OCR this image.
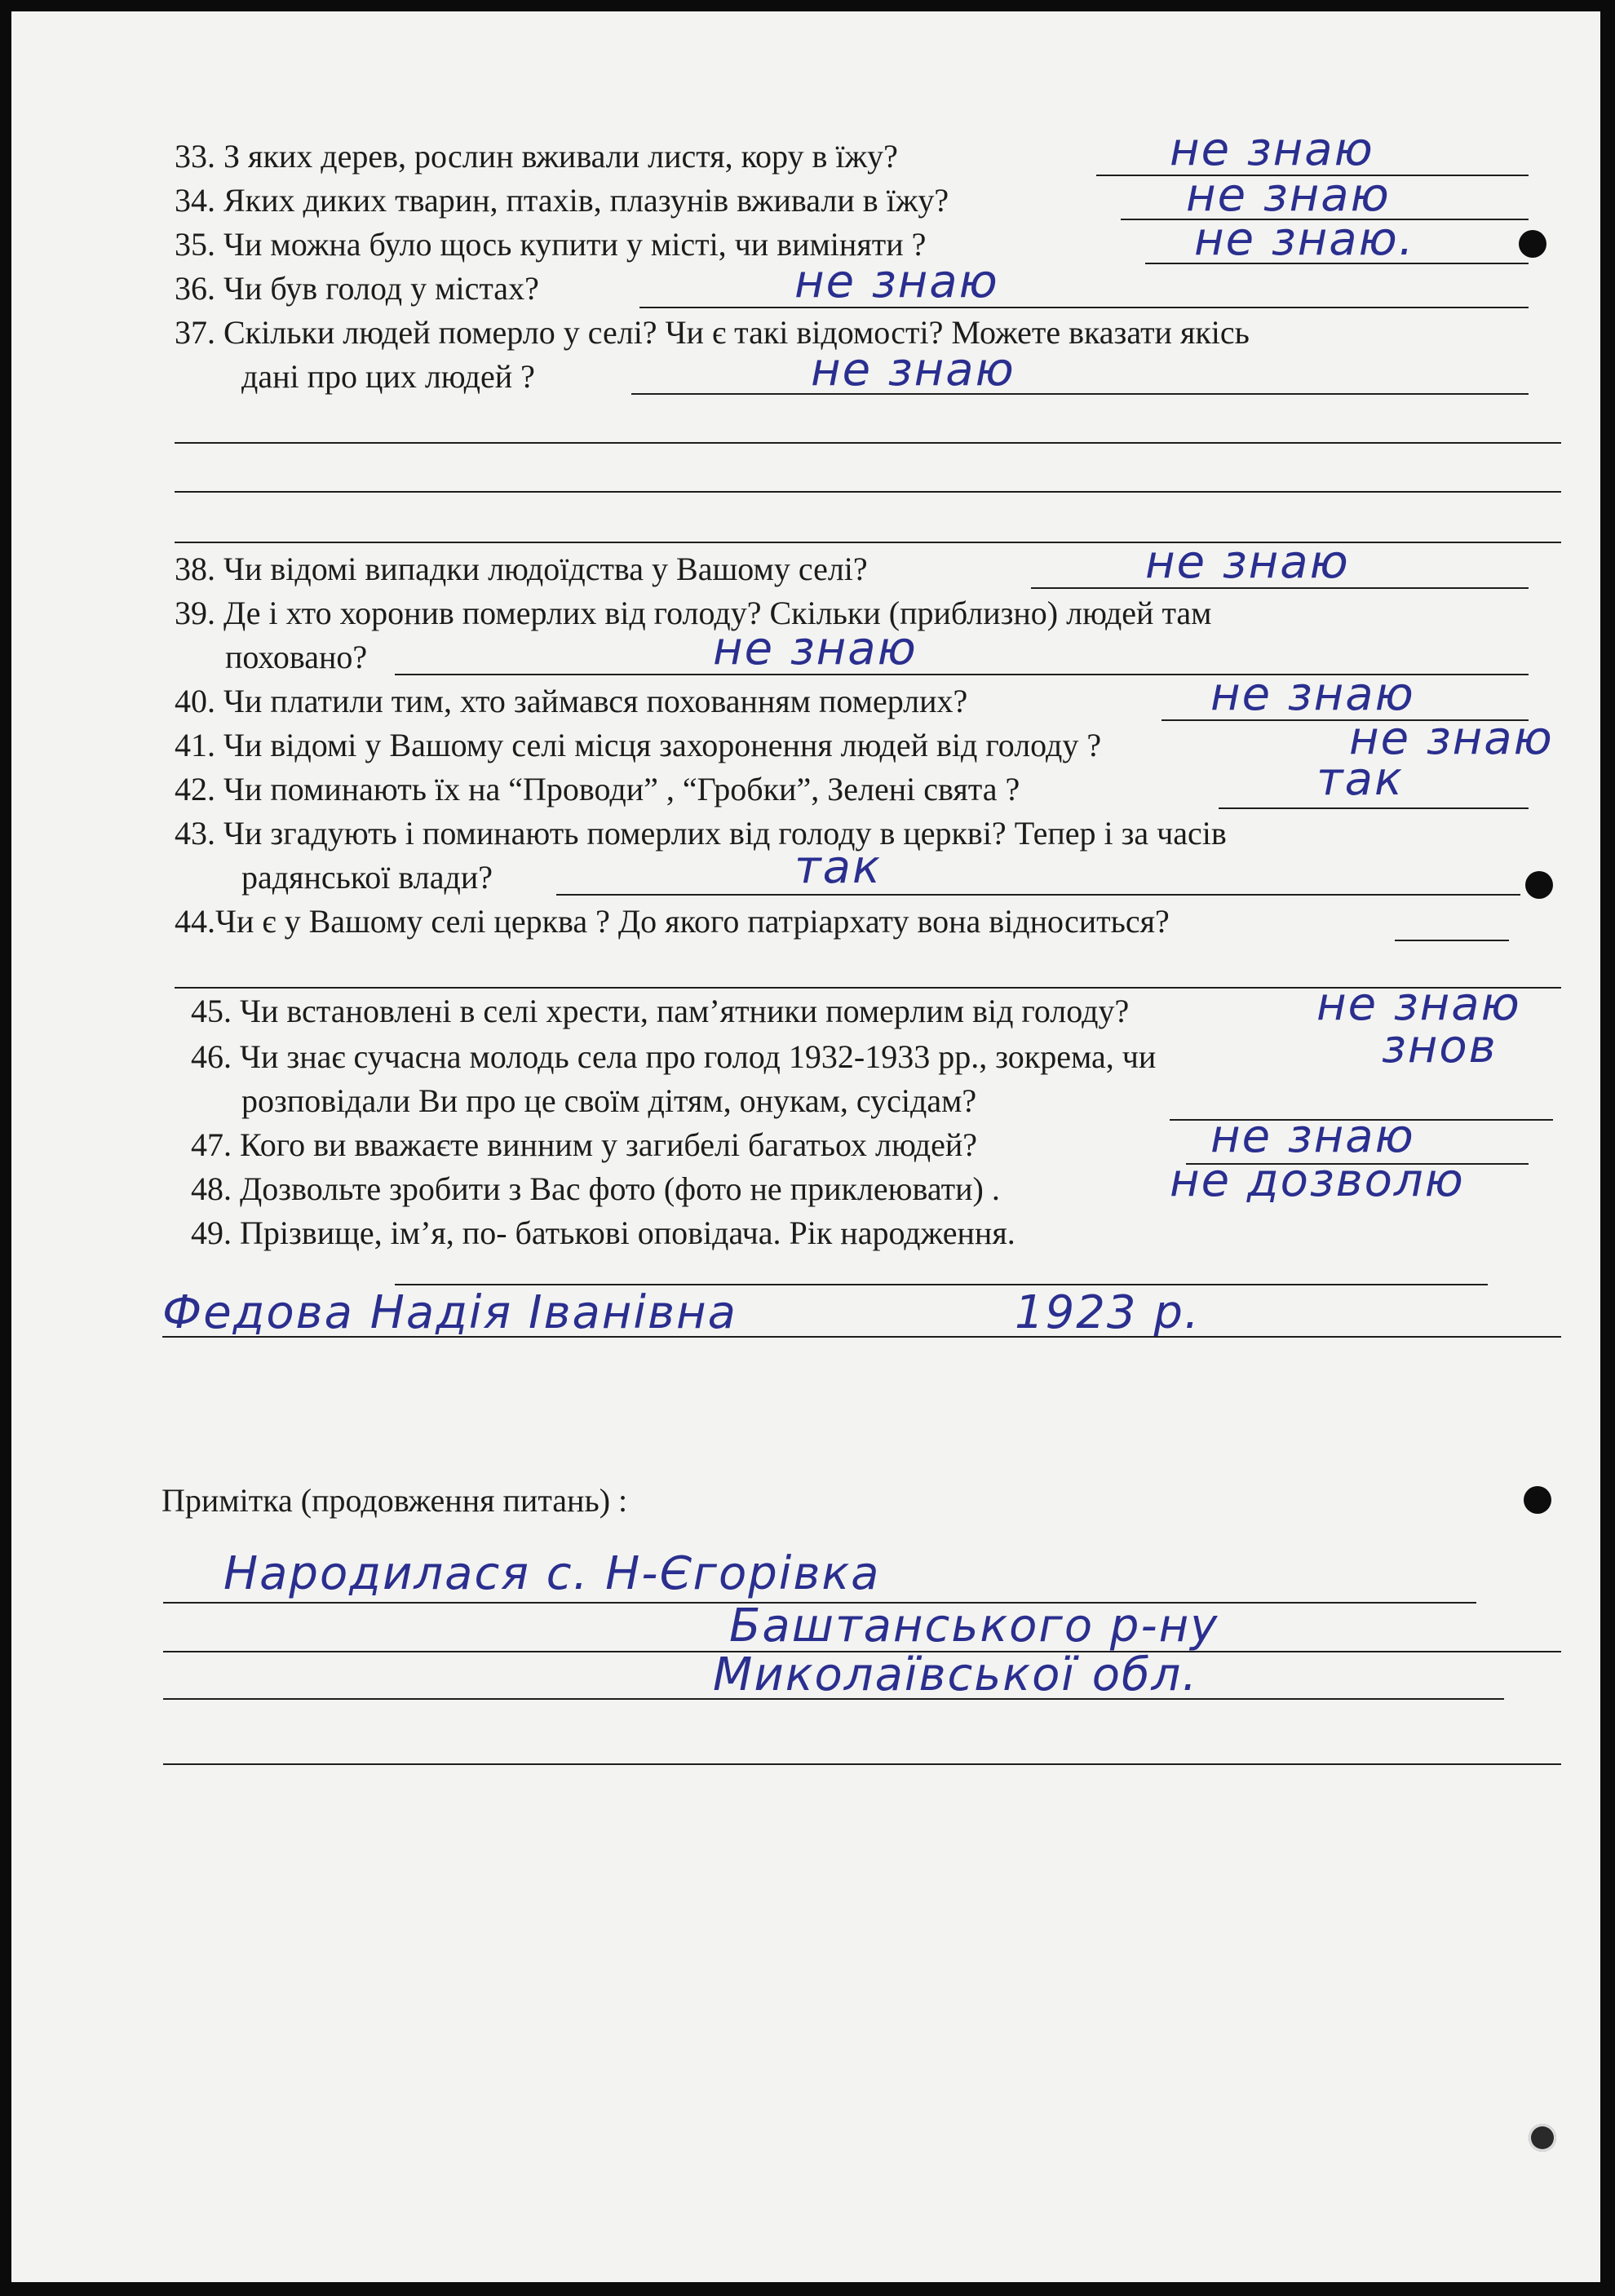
33. З яких дерев, рослин вживали листя, кору в їжу?	не знаю
34. Яких диких тварин, птахів, плазунів вживали в їжу?	не знаю
35. Чи можна було щось купити у місті, чи виміняти ?	не знаю.
36. Чи був голод у містах?	не знаю
37. Скільки людей померло у селі? Чи є такі відомості? Можете вказати якісь
дані про цих людей ?	не знаю
38. Чи відомі випадки людоїдства у Вашому селі?	не знаю
39. Де і хто хоронив померлих від голоду? Скільки (приблизно) людей там
поховано?	не знаю
40. Чи платили тим, хто займався похованням померлих?	не знаю
41. Чи відомі у Вашому селі місця захоронення людей від голоду ?	не знаю
42. Чи поминають їх на “Проводи” , “Гробки”, Зелені свята ?	так
43. Чи згадують і поминають померлих від голоду в церкві? Тепер і за часів
радянської влади?	так
44.Чи є у Вашому селі церква ? До якого патріархату вона відноситься?
45. Чи встановлені в селі хрести, пам’ятники померлим від голоду?	не знаю
46. Чи знає сучасна молодь села про голод 1932-1933 рр., зокрема, чи
розповідали Ви про це своїм дітям, онукам, сусідам?
знов
47. Кого ви вважаєте винним у загибелі багатьох людей?	не знаю
48. Дозвольте зробити з Вас фото (фото не приклеювати) .	не дозволю
49. Прізвище, ім’я, по- батькові оповідача. Рік народження.
Федова Надія Іванівна	1923 р.
Примітка (продовження питань) :
Народилася с. Н-Єгорівка
Баштанського р-ну
Миколаївської обл.
